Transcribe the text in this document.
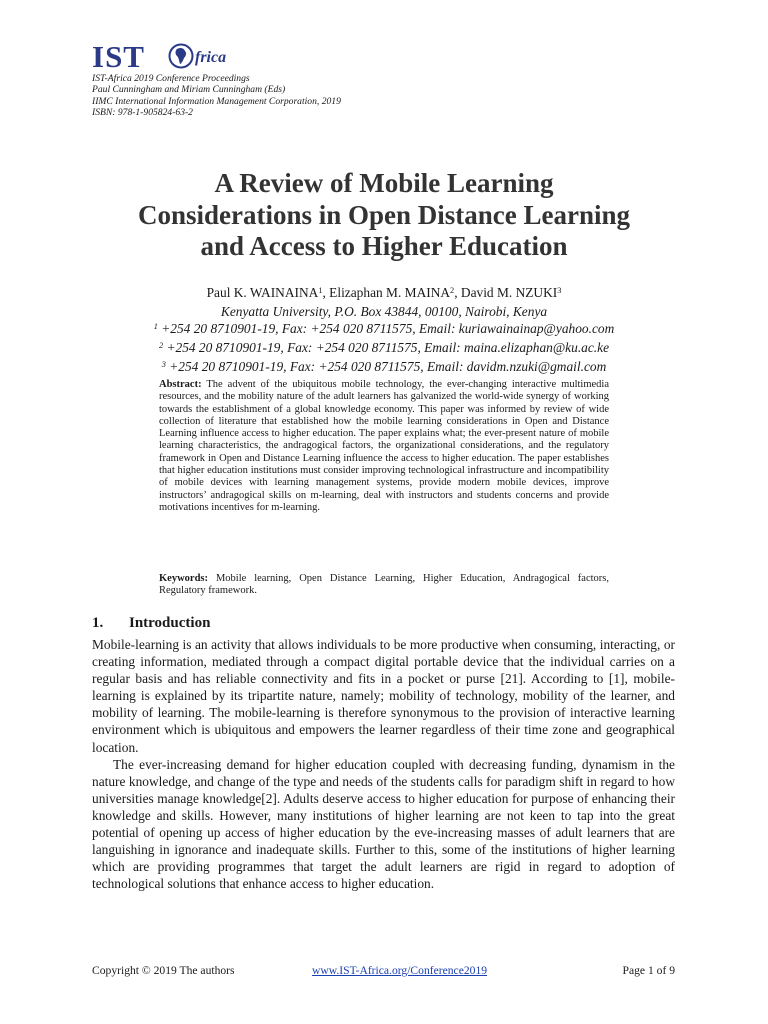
IST	frica
IST-Africa 2019 Conference Proceedings
Paul Cunningham and Miriam Cunningham (Eds)
IIMC International Information Management Corporation, 2019
ISBN: 978-1-905824-63-2
A Review of Mobile Learning
Considerations in Open Distance Learning
and Access to Higher Education
Paul K. WAINAINA$^1$, Elizaphan M. MAINA$^2$, David M. NZUKI$^3$
Kenyatta University, P.O. Box 43844, 00100, Nairobi, Kenya
$^1$ +254 20 8710901-19, Fax: +254 020 8711575, Email: kuriawainainap@yahoo.com
$^2$ +254 20 8710901-19, Fax: +254 020 8711575, Email: maina.elizaphan@ku.ac.ke
$^3$ +254 20 8710901-19, Fax: +254 020 8711575, Email: davidm.nzuki@gmail.com
Abstract: The advent of the ubiquitous mobile technology, the ever-changing interactive multimedia resources, and the mobility nature of the adult learners has galvanized the world-wide synergy of working towards the establishment of a global knowledge economy. This paper was informed by review of wide collection of literature that established how the mobile learning considerations in Open and Distance Learning influence access to higher education. The paper explains what; the ever-present nature of mobile learning characteristics, the andragogical factors, the organizational considerations, and the regulatory framework in Open and Distance Learning influence the access to higher education. The paper establishes that higher education institutions must consider improving technological infrastructure and incompatibility of mobile devices with learning management systems, provide modern mobile devices, improve instructors’ andragogical skills on m-learning, deal with instructors and students concerns and provide motivations incentives for m-learning.
Keywords: Mobile learning, Open Distance Learning, Higher Education, Andragogical factors, Regulatory framework.
1. Introduction

Mobile-learning is an activity that allows individuals to be more productive when consuming, interacting, or creating information, mediated through a compact digital portable device that the individual carries on a regular basis and has reliable connectivity and fits in a pocket or purse [21]. According to [1], mobile-learning is explained by its tripartite nature, namely; mobility of technology, mobility of the learner, and mobility of learning. The mobile-learning is therefore synonymous to the provision of interactive learning environment which is ubiquitous and empowers the learner regardless of their time zone and geographical location.

The ever-increasing demand for higher education coupled with decreasing funding, dynamism in the nature knowledge, and change of the type and needs of the students calls for paradigm shift in regard to how universities manage knowledge[2]. Adults deserve access to higher education for purpose of enhancing their knowledge and skills. However, many institutions of higher learning are not keen to tap into the great potential of opening up access of higher education by the eve-increasing masses of adult learners that are languishing in ignorance and inadequate skills. Further to this, some of the institutions of higher learning which are providing programmes that target the adult learners are rigid in regard to adoption of technological solutions that enhance access to higher education.

Copyright © 2019 The authors	www.IST-Africa.org/Conference2019	Page 1 of 9
